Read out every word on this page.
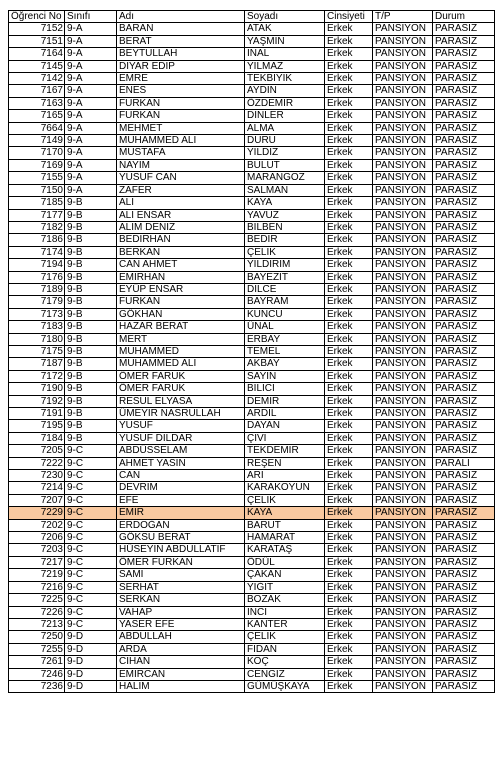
Öğrenci No	Sınıfı	Adı	Soyadı	Cinsiyeti	T/P	Durum
7152	9-A	BARAN	ATAK	Erkek	PANSİYON	PARASIZ
7151	9-A	BERAT	YAŞMİN	Erkek	PANSİYON	PARASIZ
7164	9-A	BEYTULLAH	İNAL	Erkek	PANSİYON	PARASIZ
7145	9-A	DİYAR EDİP	YILMAZ	Erkek	PANSİYON	PARASIZ
7142	9-A	EMRE	TEKBIYIK	Erkek	PANSİYON	PARASIZ
7167	9-A	ENES	AYDIN	Erkek	PANSİYON	PARASIZ
7163	9-A	FURKAN	ÖZDEMİR	Erkek	PANSİYON	PARASIZ
7165	9-A	FURKAN	DİNLER	Erkek	PANSİYON	PARASIZ
7664	9-A	MEHMET	ALMA	Erkek	PANSİYON	PARASIZ
7149	9-A	MUHAMMED ALİ	DURU	Erkek	PANSİYON	PARASIZ
7170	9-A	MUSTAFA	YILDIZ	Erkek	PANSİYON	PARASIZ
7169	9-A	NAYİM	BULUT	Erkek	PANSİYON	PARASIZ
7155	9-A	YUSUF CAN	MARANGOZ	Erkek	PANSİYON	PARASIZ
7150	9-A	ZAFER	SALMAN	Erkek	PANSİYON	PARASIZ
7185	9-B	ALİ	KAYA	Erkek	PANSİYON	PARASIZ
7177	9-B	ALİ ENSAR	YAVUZ	Erkek	PANSİYON	PARASIZ
7182	9-B	ALİM DENİZ	BİLBEN	Erkek	PANSİYON	PARASIZ
7186	9-B	BEDİRHAN	BEDİR	Erkek	PANSİYON	PARASIZ
7174	9-B	BERKAN	ÇELİK	Erkek	PANSİYON	PARASIZ
7194	9-B	CAN AHMET	YILDIRIM	Erkek	PANSİYON	PARASIZ
7176	9-B	EMİRHAN	BAYEZİT	Erkek	PANSİYON	PARASIZ
7189	9-B	EYÜP ENSAR	DİLCE	Erkek	PANSİYON	PARASIZ
7179	9-B	FURKAN	BAYRAM	Erkek	PANSİYON	PARASIZ
7173	9-B	GÖKHAN	KUNCU	Erkek	PANSİYON	PARASIZ
7183	9-B	HAZAR BERAT	ÜNAL	Erkek	PANSİYON	PARASIZ
7180	9-B	MERT	ERBAY	Erkek	PANSİYON	PARASIZ
7175	9-B	MUHAMMED	TEMEL	Erkek	PANSİYON	PARASIZ
7187	9-B	MUHAMMED ALİ	AKBAY	Erkek	PANSİYON	PARASIZ
7172	9-B	ÖMER FARUK	SAYIN	Erkek	PANSİYON	PARASIZ
7190	9-B	ÖMER FARUK	BİLİCİ	Erkek	PANSİYON	PARASIZ
7192	9-B	RESUL ELYASA	DEMİR	Erkek	PANSİYON	PARASIZ
7191	9-B	ÜMEYİR NASRULLAH	ARDİL	Erkek	PANSİYON	PARASIZ
7195	9-B	YUSUF	DAYAN	Erkek	PANSİYON	PARASIZ
7184	9-B	YUSUF DİLDAR	ÇİVİ	Erkek	PANSİYON	PARASIZ
7205	9-C	ABDÜSSELAM	TEKDEMİR	Erkek	PANSİYON	PARASIZ
7222	9-C	AHMET YASİN	REŞEN	Erkek	PANSİYON	PARALI
7230	9-C	CAN	ARI	Erkek	PANSİYON	PARASIZ
7214	9-C	DEVRİM	KARAKOYUN	Erkek	PANSİYON	PARASIZ
7207	9-C	EFE	ÇELİK	Erkek	PANSİYON	PARASIZ
7229	9-C	EMİR	KAYA	Erkek	PANSİYON	PARASIZ
7202	9-C	ERDOĞAN	BARUT	Erkek	PANSİYON	PARASIZ
7206	9-C	GÖKSU BERAT	HAMARAT	Erkek	PANSİYON	PARASIZ
7203	9-C	HÜSEYİN ABDULLATİF	KARATAŞ	Erkek	PANSİYON	PARASIZ
7217	9-C	ÖMER FURKAN	ÖDÜL	Erkek	PANSİYON	PARASIZ
7219	9-C	SAMİ	ÇAKAN	Erkek	PANSİYON	PARASIZ
7216	9-C	SERHAT	YİĞİT	Erkek	PANSİYON	PARASIZ
7225	9-C	SERKAN	BOZAK	Erkek	PANSİYON	PARASIZ
7226	9-C	VAHAP	İNCİ	Erkek	PANSİYON	PARASIZ
7213	9-C	YASER EFE	KANTER	Erkek	PANSİYON	PARASIZ
7250	9-D	ABDULLAH	ÇELİK	Erkek	PANSİYON	PARASIZ
7255	9-D	ARDA	FİDAN	Erkek	PANSİYON	PARASIZ
7261	9-D	CİHAN	KOÇ	Erkek	PANSİYON	PARASIZ
7246	9-D	EMİRCAN	CENGİZ	Erkek	PANSİYON	PARASIZ
7236	9-D	HALİM	GÜMÜŞKAYA	Erkek	PANSİYON	PARASIZ
